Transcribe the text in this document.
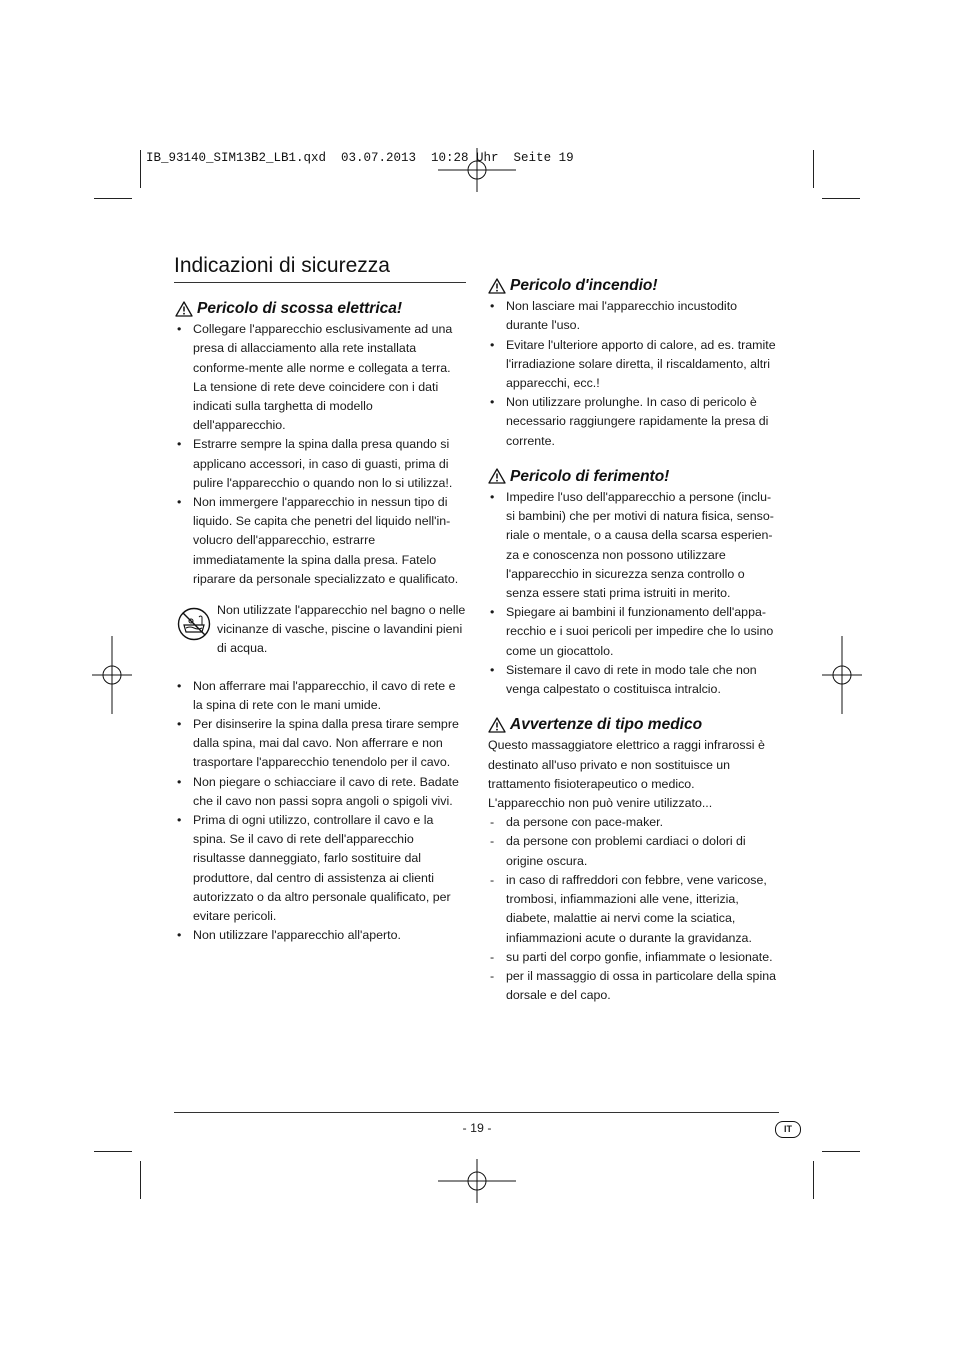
IB_93140_SIM13B2_LB1.qxd  03.07.2013  10:28 Uhr  Seite 19
Indicazioni di sicurezza
Pericolo di scossa elettrica!
• Collegare l'apparecchio esclusivamente ad una presa di allacciamento alla rete installata conforme-mente alle norme e collegata a terra. La tensione di rete deve coincidere con i dati indicati sulla targhetta di modello dell'apparecchio.
• Estrarre sempre la spina dalla presa quando si applicano accessori, in caso di guasti, prima di pulire l'apparecchio o quando non lo si utilizza!.
• Non immergere l'apparecchio in nessun tipo di liquido. Se capita che penetri del liquido nell'in-volucro dell'apparecchio, estrarre immediatamente la spina dalla presa. Fatelo riparare da personale specializzato e qualificato.
Non utilizzate l'apparecchio nel bagno o nelle vicinanze di vasche, piscine o lavandini pieni di acqua.
• Non afferrare mai l'apparecchio, il cavo di rete e la spina di rete con le mani umide.
• Per disinserire la spina dalla presa tirare sempre dalla spina, mai dal cavo. Non afferrare e non trasportare l'apparecchio tenendolo per il cavo.
• Non piegare o schiacciare il cavo di rete. Badate che il cavo non passi sopra angoli o spigoli vivi.
• Prima di ogni utilizzo, controllare il cavo e la spina. Se il cavo di rete dell'apparecchio risultasse danneggiato, farlo sostituire dal produttore, dal centro di assistenza ai clienti autorizzato o da altro personale qualificato, per evitare pericoli.
• Non utilizzare l'apparecchio all'aperto.
Pericolo d'incendio!
• Non lasciare mai l'apparecchio incustodito durante l'uso.
• Evitare l'ulteriore apporto di calore, ad es. tramite l'irradiazione solare diretta, il riscaldamento, altri apparecchi, ecc.!
• Non utilizzare prolunghe. In caso di pericolo è necessario raggiungere rapidamente la presa di corrente.
Pericolo di ferimento!
• Impedire l'uso dell'apparecchio a persone (inclu-si bambini) che per motivi di natura fisica, senso-riale o mentale, o a causa della scarsa esperien-za e conoscenza non possono utilizzare l'apparecchio in sicurezza senza controllo o senza essere stati prima istruiti in merito.
• Spiegare ai bambini il funzionamento dell'appa-recchio e i suoi pericoli per impedire che lo usino come un giocattolo.
• Sistemare il cavo di rete in modo tale che non venga calpestato o costituisca intralcio.
Avvertenze di tipo medico

Questo massaggiatore elettrico a raggi infrarossi è destinato all'uso privato e non sostituisce un trattamento fisioterapeutico o medico.

L'apparecchio non può venire utilizzato...

- da persone con pace-maker.
- da persone con problemi cardiaci o dolori di origine oscura.
- in caso di raffreddori con febbre, vene varicose, trombosi, infiammazioni alle vene, itterizia, diabete, malattie ai nervi come la sciatica, infiammazioni acute o durante la gravidanza.
- su parti del corpo gonfie, infiammate o lesionate.
- per il massaggio di ossa in particolare della spina dorsale e del capo.
- 19 -	IT
